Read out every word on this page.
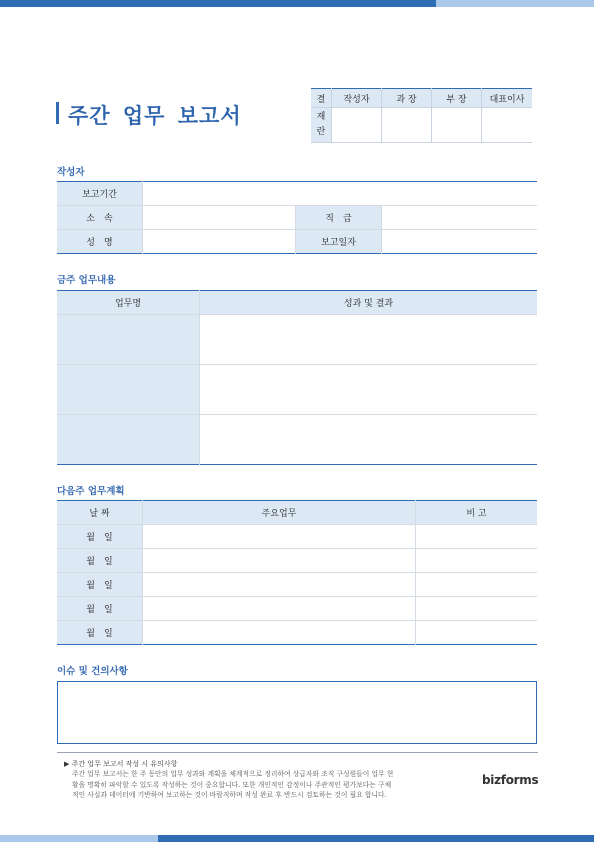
주간 업무 보고서
결	작성자	과 장	부 장	대표이사

재
란				

작성자
보고기간			
소　속		직　급	
성　명		보고일자	
금주 업무내용
업무명	성과 및 결과

다음주 업무계획
날 짜	주요업무	비 고
월　일		
월　일		
월　일		
월　일		
월　일		
이슈 및 건의사항
▶ 주간 업무 보고서 작성 시 유의사항
주간 업무 보고서는 한 주 동안의 업무 성과와 계획을 체계적으로 정리하여 상급자와 조직 구성원들이 업무 현
황을 명확히 파악할 수 있도록 작성하는 것이 중요합니다. 또한 개인적인 감정이나 주관적인 평가보다는 구체
적인 사실과 데이터에 기반하여 보고하는 것이 바람직하며 작성 완료 후 반드시 검토하는 것이 필요 합니다.
bizforms
